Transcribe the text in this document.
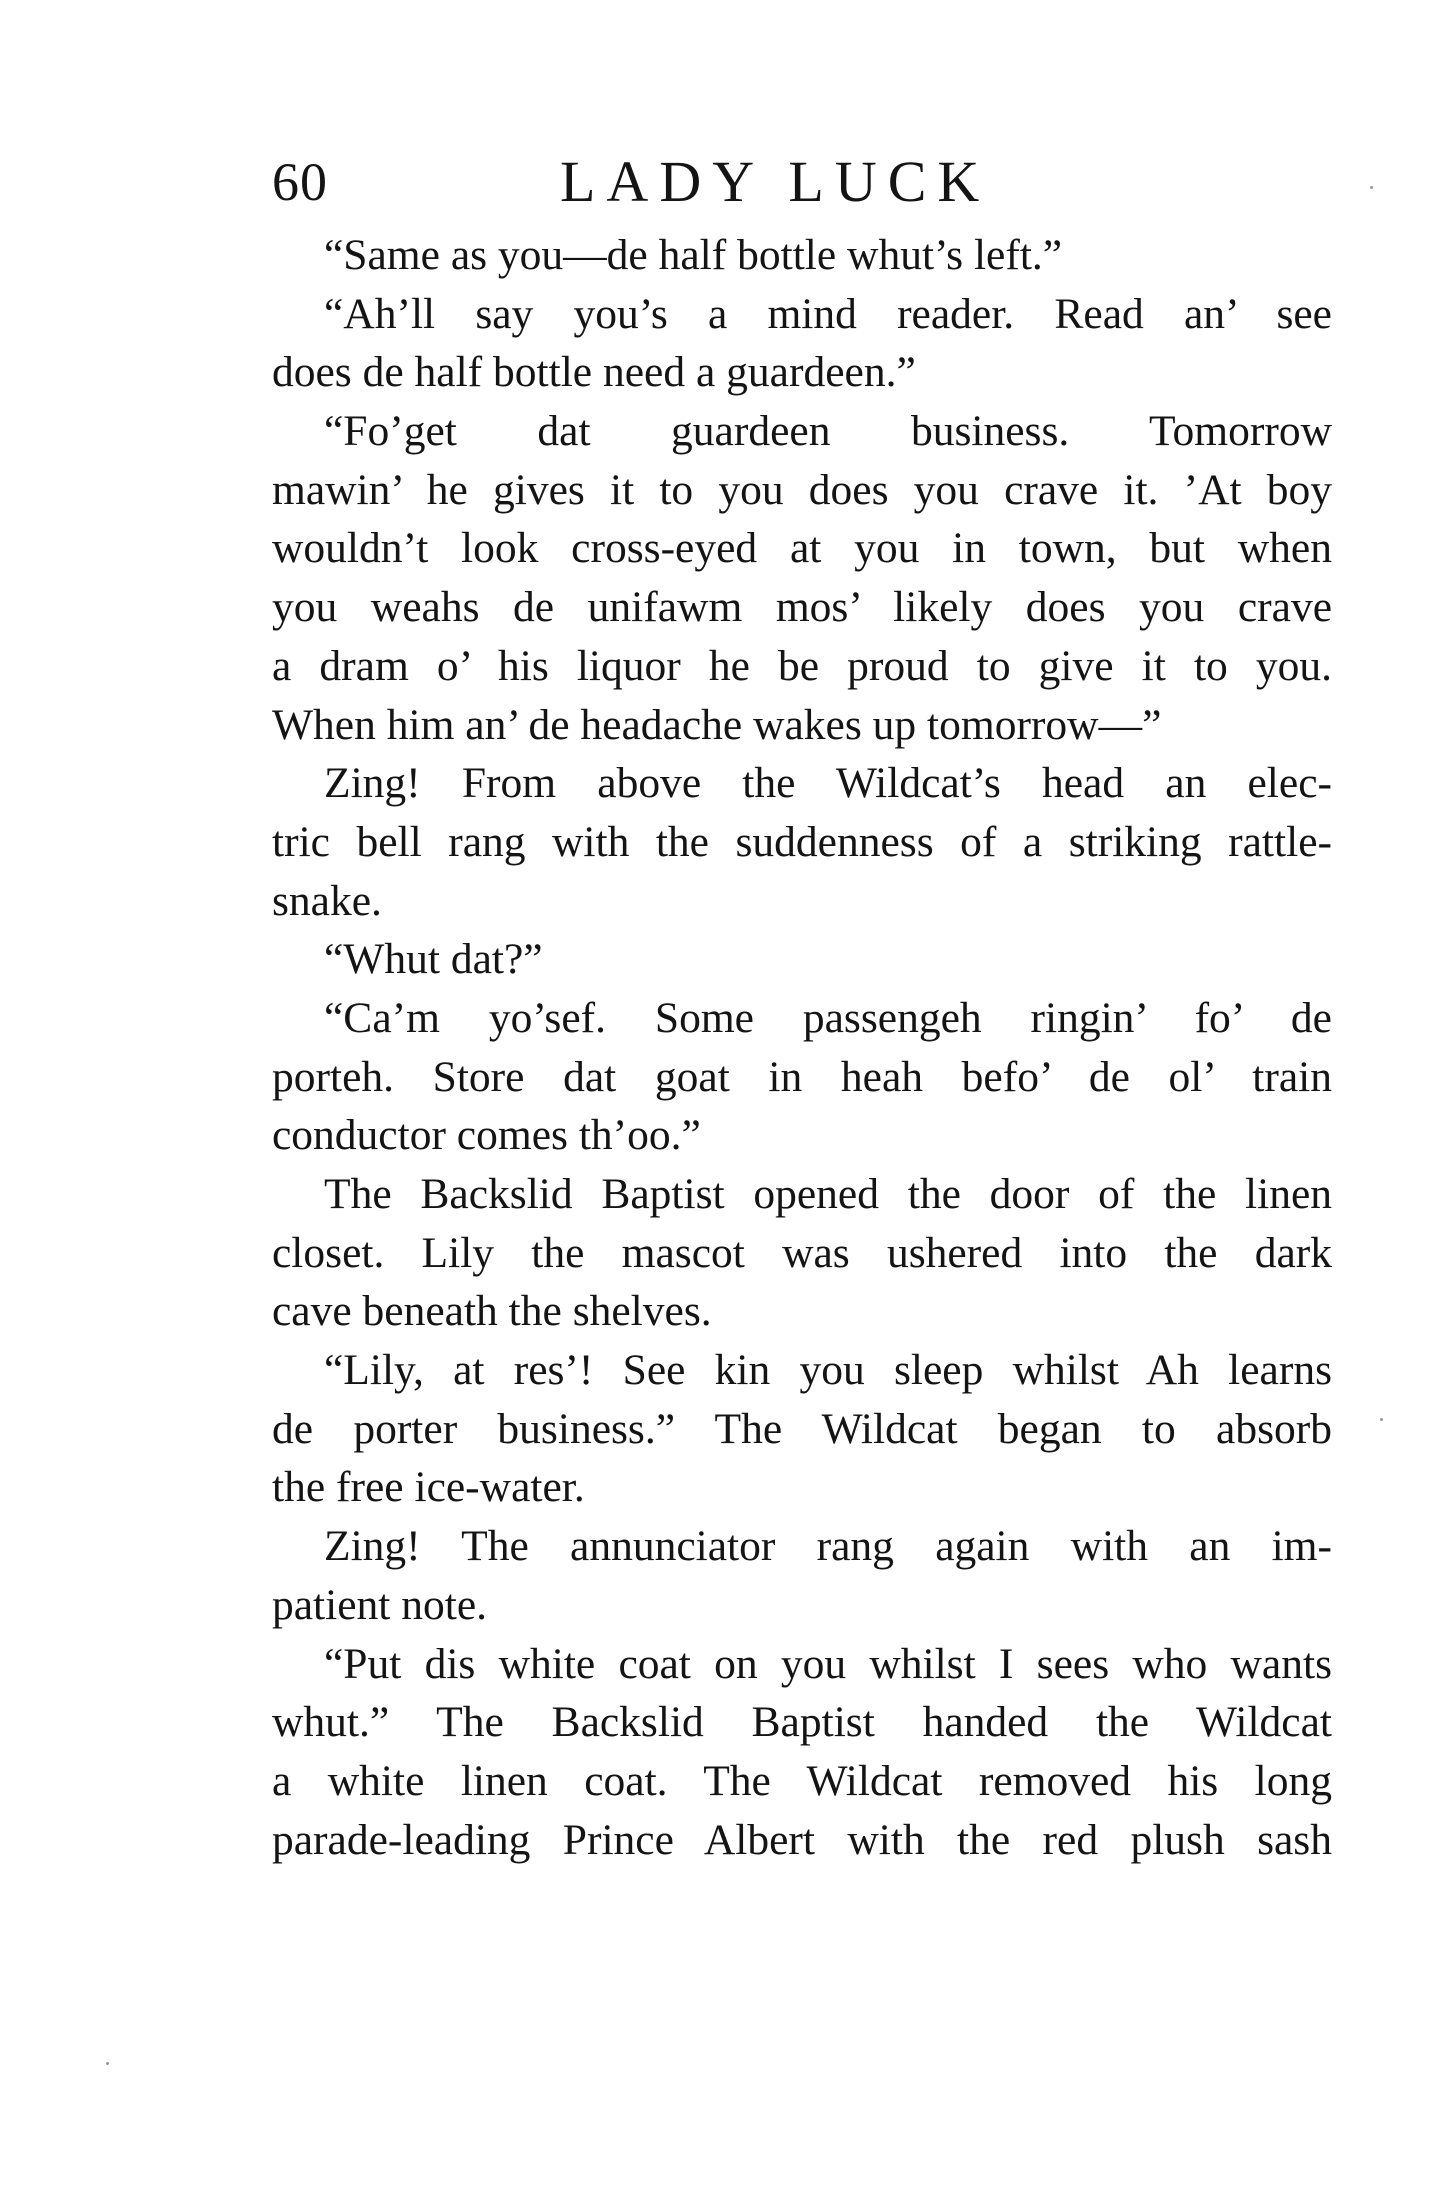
60	LADY LUCK
“Same as you—de half bottle whut’s left.”
“Ah’ll say you’s a mind reader. Read an’ see
does de half bottle need a guardeen.”
“Fo’get dat guardeen business. Tomorrow
mawin’ he gives it to you does you crave it. ’At boy
wouldn’t look cross-eyed at you in town, but when
you weahs de unifawm mos’ likely does you crave
a dram o’ his liquor he be proud to give it to you.
When him an’ de headache wakes up tomorrow—”
Zing! From above the Wildcat’s head an elec-
tric bell rang with the suddenness of a striking rattle-
snake.
“Whut dat?”
“Ca’m yo’sef. Some passengeh ringin’ fo’ de
porteh. Store dat goat in heah befo’ de ol’ train
conductor comes th’oo.”
The Backslid Baptist opened the door of the linen
closet. Lily the mascot was ushered into the dark
cave beneath the shelves.
“Lily, at res’! See kin you sleep whilst Ah learns
de porter business.” The Wildcat began to absorb
the free ice-water.
Zing! The annunciator rang again with an im-
patient note.
“Put dis white coat on you whilst I sees who wants
whut.” The Backslid Baptist handed the Wildcat
a white linen coat. The Wildcat removed his long
parade-leading Prince Albert with the red plush sash
